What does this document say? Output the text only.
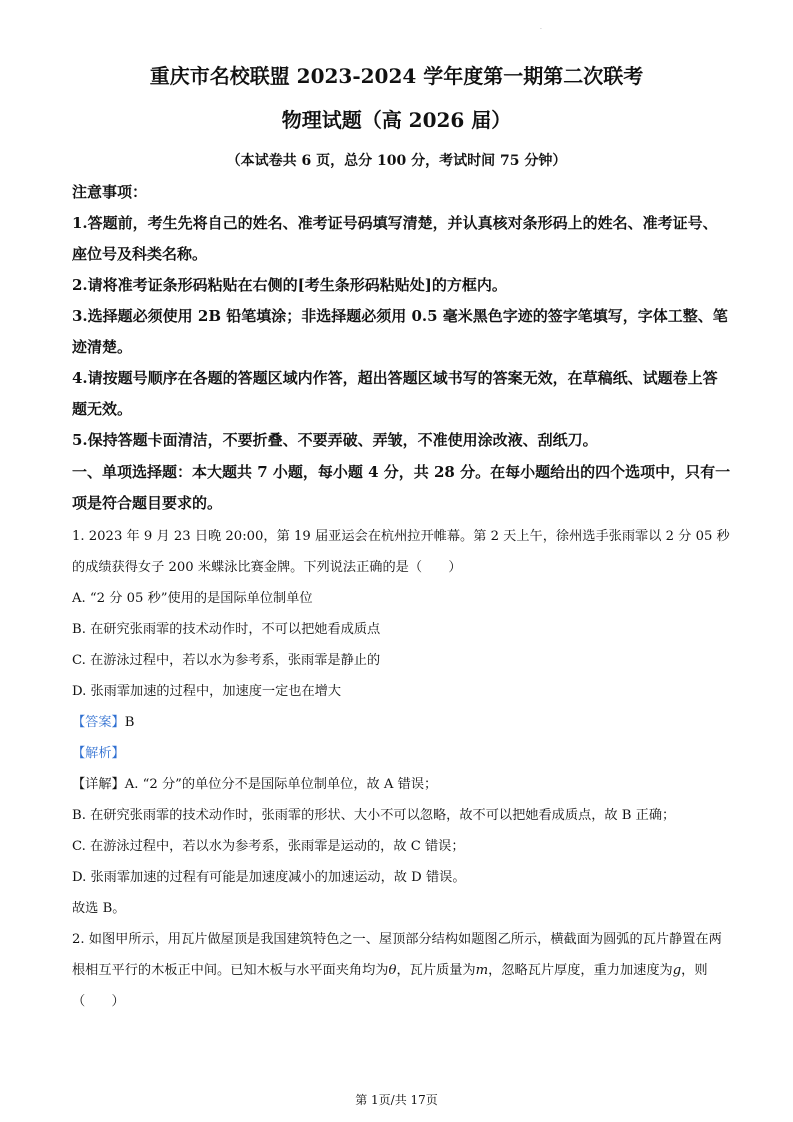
·
重庆市名校联盟 2023-2024 学年度第一期第二次联考
物理试题（高 2026 届）
（本试卷共 6 页，总分 100 分，考试时间 75 分钟）
注意事项：

1.答题前，考生先将自己的姓名、准考证号码填写清楚，并认真核对条形码上的姓名、准考证号、座位号及科类名称。

2.请将准考证条形码粘贴在右侧的[考生条形码粘贴处]的方框内。

3.选择题必须使用 2B 铅笔填涂；非选择题必须用 0.5 毫米黑色字迹的签字笔填写，字体工整、笔迹清楚。

4.请按题号顺序在各题的答题区域内作答，超出答题区域书写的答案无效，在草稿纸、试题卷上答题无效。

5.保持答题卡面清洁，不要折叠、不要弄破、弄皱，不准使用涂改液、刮纸刀。

一、单项选择题：本大题共 7 小题，每小题 4 分，共 28 分。在每小题给出的四个选项中，只有一项是符合题目要求的。

1. 2023 年 9 月 23 日晚 20:00，第 19 届亚运会在杭州拉开帷幕。第 2 天上午，徐州选手张雨霏以 2 分 05 秒的成绩获得女子 200 米蝶泳比赛金牌。下列说法正确的是（　　）

A. “2 分 05 秒”使用的是国际单位制单位

B. 在研究张雨霏的技术动作时，不可以把她看成质点

C. 在游泳过程中，若以水为参考系，张雨霏是静止的

D. 张雨霏加速的过程中，加速度一定也在增大

【答案】B

【解析】

【详解】A. “2 分”的单位分不是国际单位制单位，故 A 错误；

B. 在研究张雨霏的技术动作时，张雨霏的形状、大小不可以忽略，故不可以把她看成质点，故 B 正确；

C. 在游泳过程中，若以水为参考系，张雨霏是运动的，故 C 错误；

D. 张雨霏加速的过程有可能是加速度减小的加速运动，故 D 错误。

故选 B。

2. 如图甲所示，用瓦片做屋顶是我国建筑特色之一、屋顶部分结构如题图乙所示，横截面为圆弧的瓦片静置在两根相互平行的木板正中间。已知木板与水平面夹角均为θ，瓦片质量为m，忽略瓦片厚度，重力加速度为g，则（　　）

第 1页/共 17页
